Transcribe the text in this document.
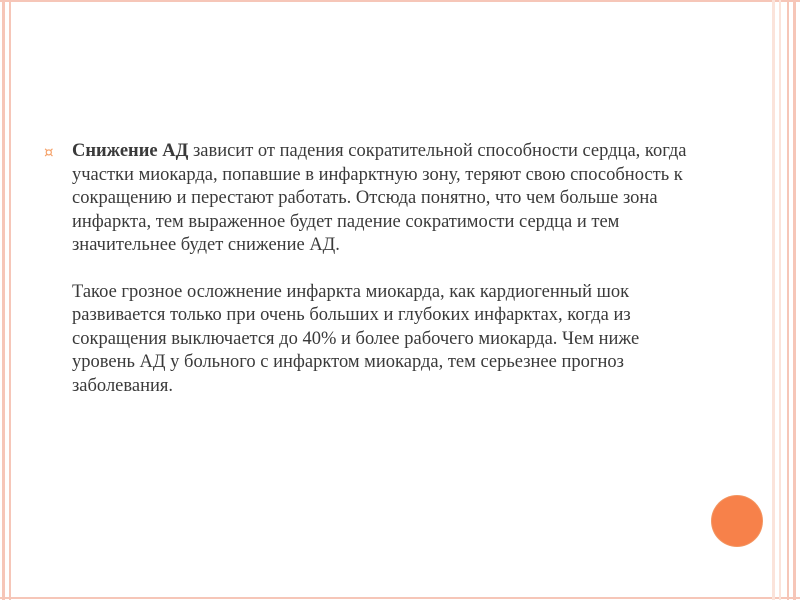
¤ Снижение АД зависит от падения сократительной способности сердца, когда участки миокарда, попавшие в инфарктную зону, теряют свою способность к сокращению и перестают работать. Отсюда понятно, что чем больше зона инфаркта, тем выраженное будет падение сократимости сердца и тем значительнее будет снижение АД.

Такое грозное осложнение инфаркта миокарда, как кардиогенный шок развивается только при очень больших и глубоких инфарктах, когда из сокращения выключается до 40% и более рабочего миокарда. Чем ниже уровень АД у больного с инфарктом миокарда, тем серьезнее прогноз заболевания.
